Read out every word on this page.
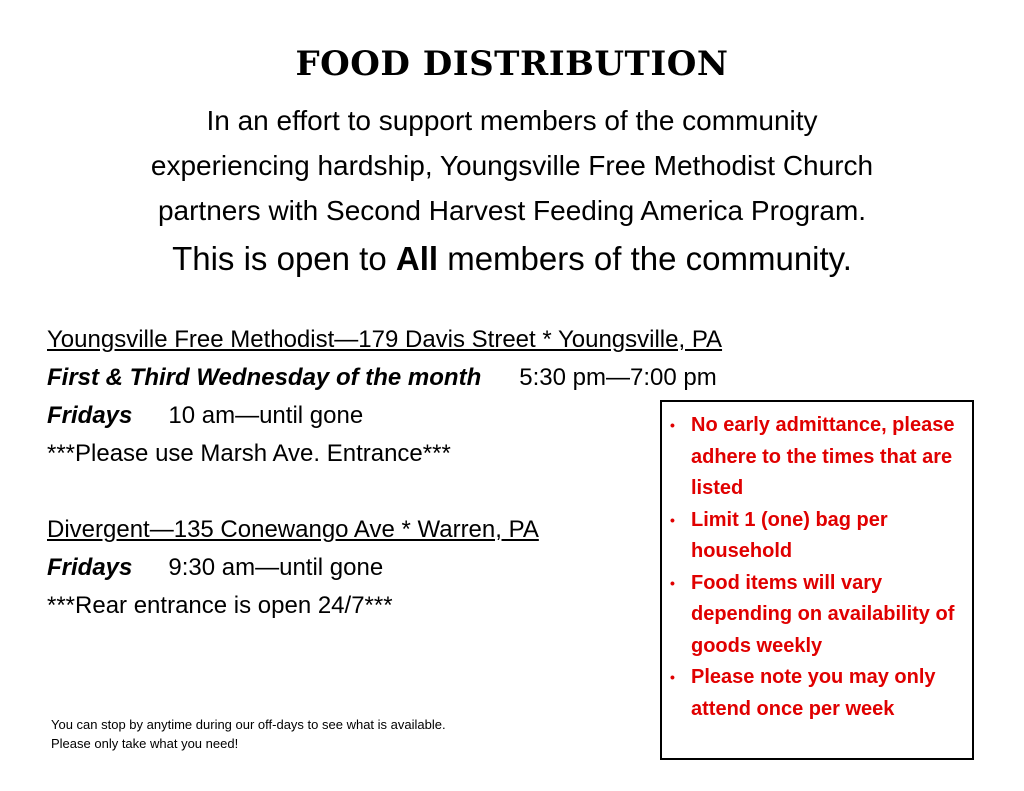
FOOD DISTRIBUTION
In an effort to support members of the community
experiencing hardship, Youngsville Free Methodist Church
partners with Second Harvest Feeding America Program.
This is open to All members of the community.
Youngsville Free Methodist—179 Davis Street * Youngsville, PA
First & Third Wednesday of the month 5:30 pm—7:00 pm
Fridays 10 am—until gone
***Please use Marsh Ave. Entrance***
Divergent—135 Conewango Ave * Warren, PA
Fridays 9:30 am—until gone
***Rear entrance is open 24/7***
You can stop by anytime during our off-days to see what is available.
Please only take what you need!
• No early admittance, please adhere to the times that are listed
• Limit 1 (one) bag per household
• Food items will vary depending on availability of goods weekly
• Please note you may only attend once per week
